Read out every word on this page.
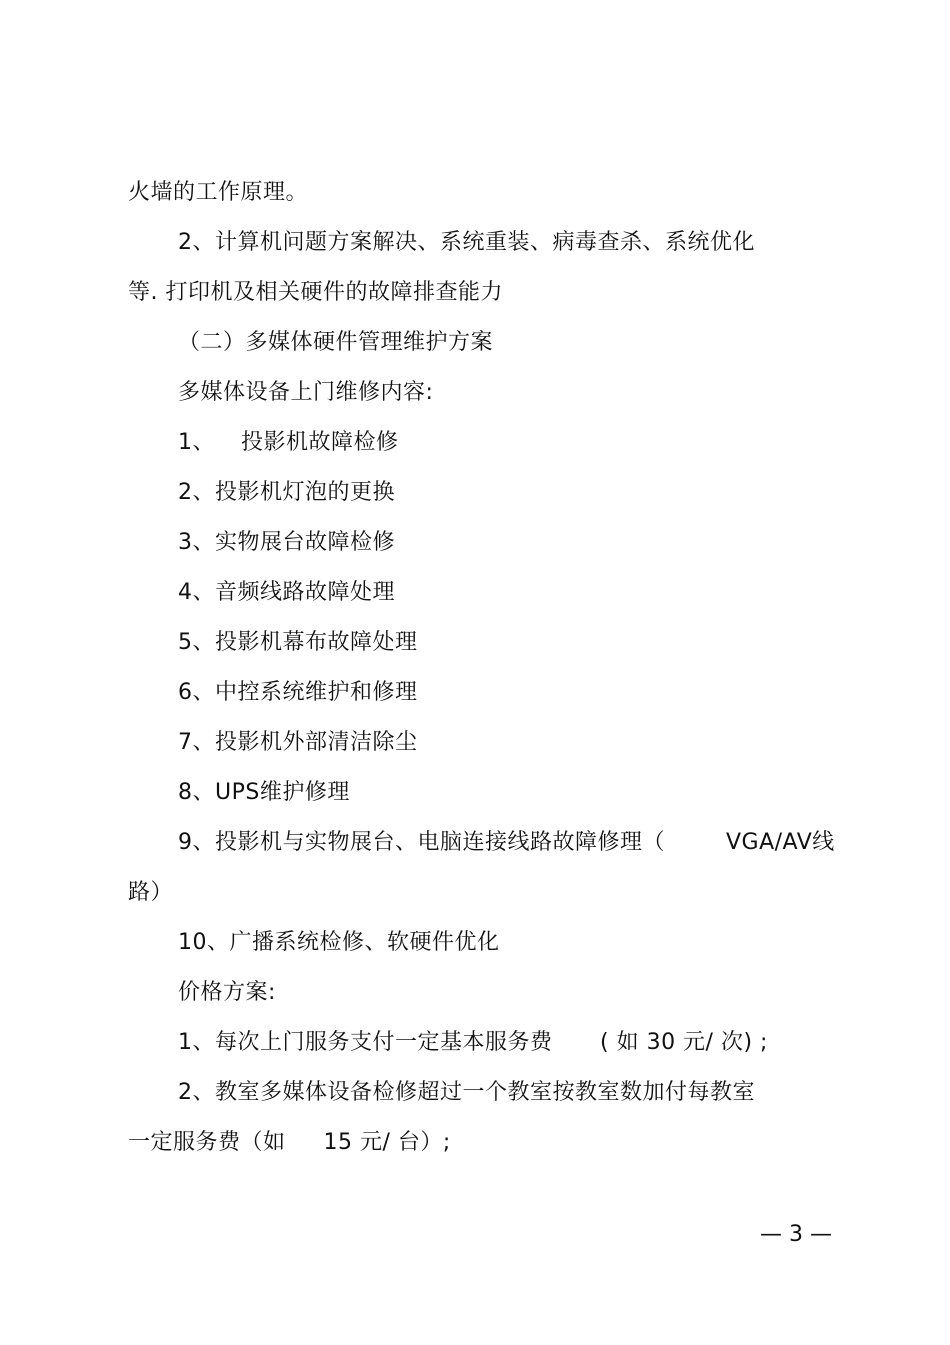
火墙的工作原理。
2、计算机问题方案解决、系统重装、病毒查杀、系统优化
等. 打印机及相关硬件的故障排查能力
（二）多媒体硬件管理维护方案
多媒体设备上门维修内容:
1、 投影机故障检修
2、投影机灯泡的更换
3、实物展台故障检修
4、音频线路故障处理
5、投影机幕布故障处理
6、中控系统维护和修理
7、投影机外部清洁除尘
8、UPS维护修理
9、投影机与实物展台、电脑连接线路故障修理（	VGA/AV线
路）
10、广播系统检修、软硬件优化
价格方案:
1、每次上门服务支付一定基本服务费 ( 如 30 元/ 次) ;
2、教室多媒体设备检修超过一个教室按教室数加付每教室
一定服务费（如 15 元/ 台）;
— 3 —
